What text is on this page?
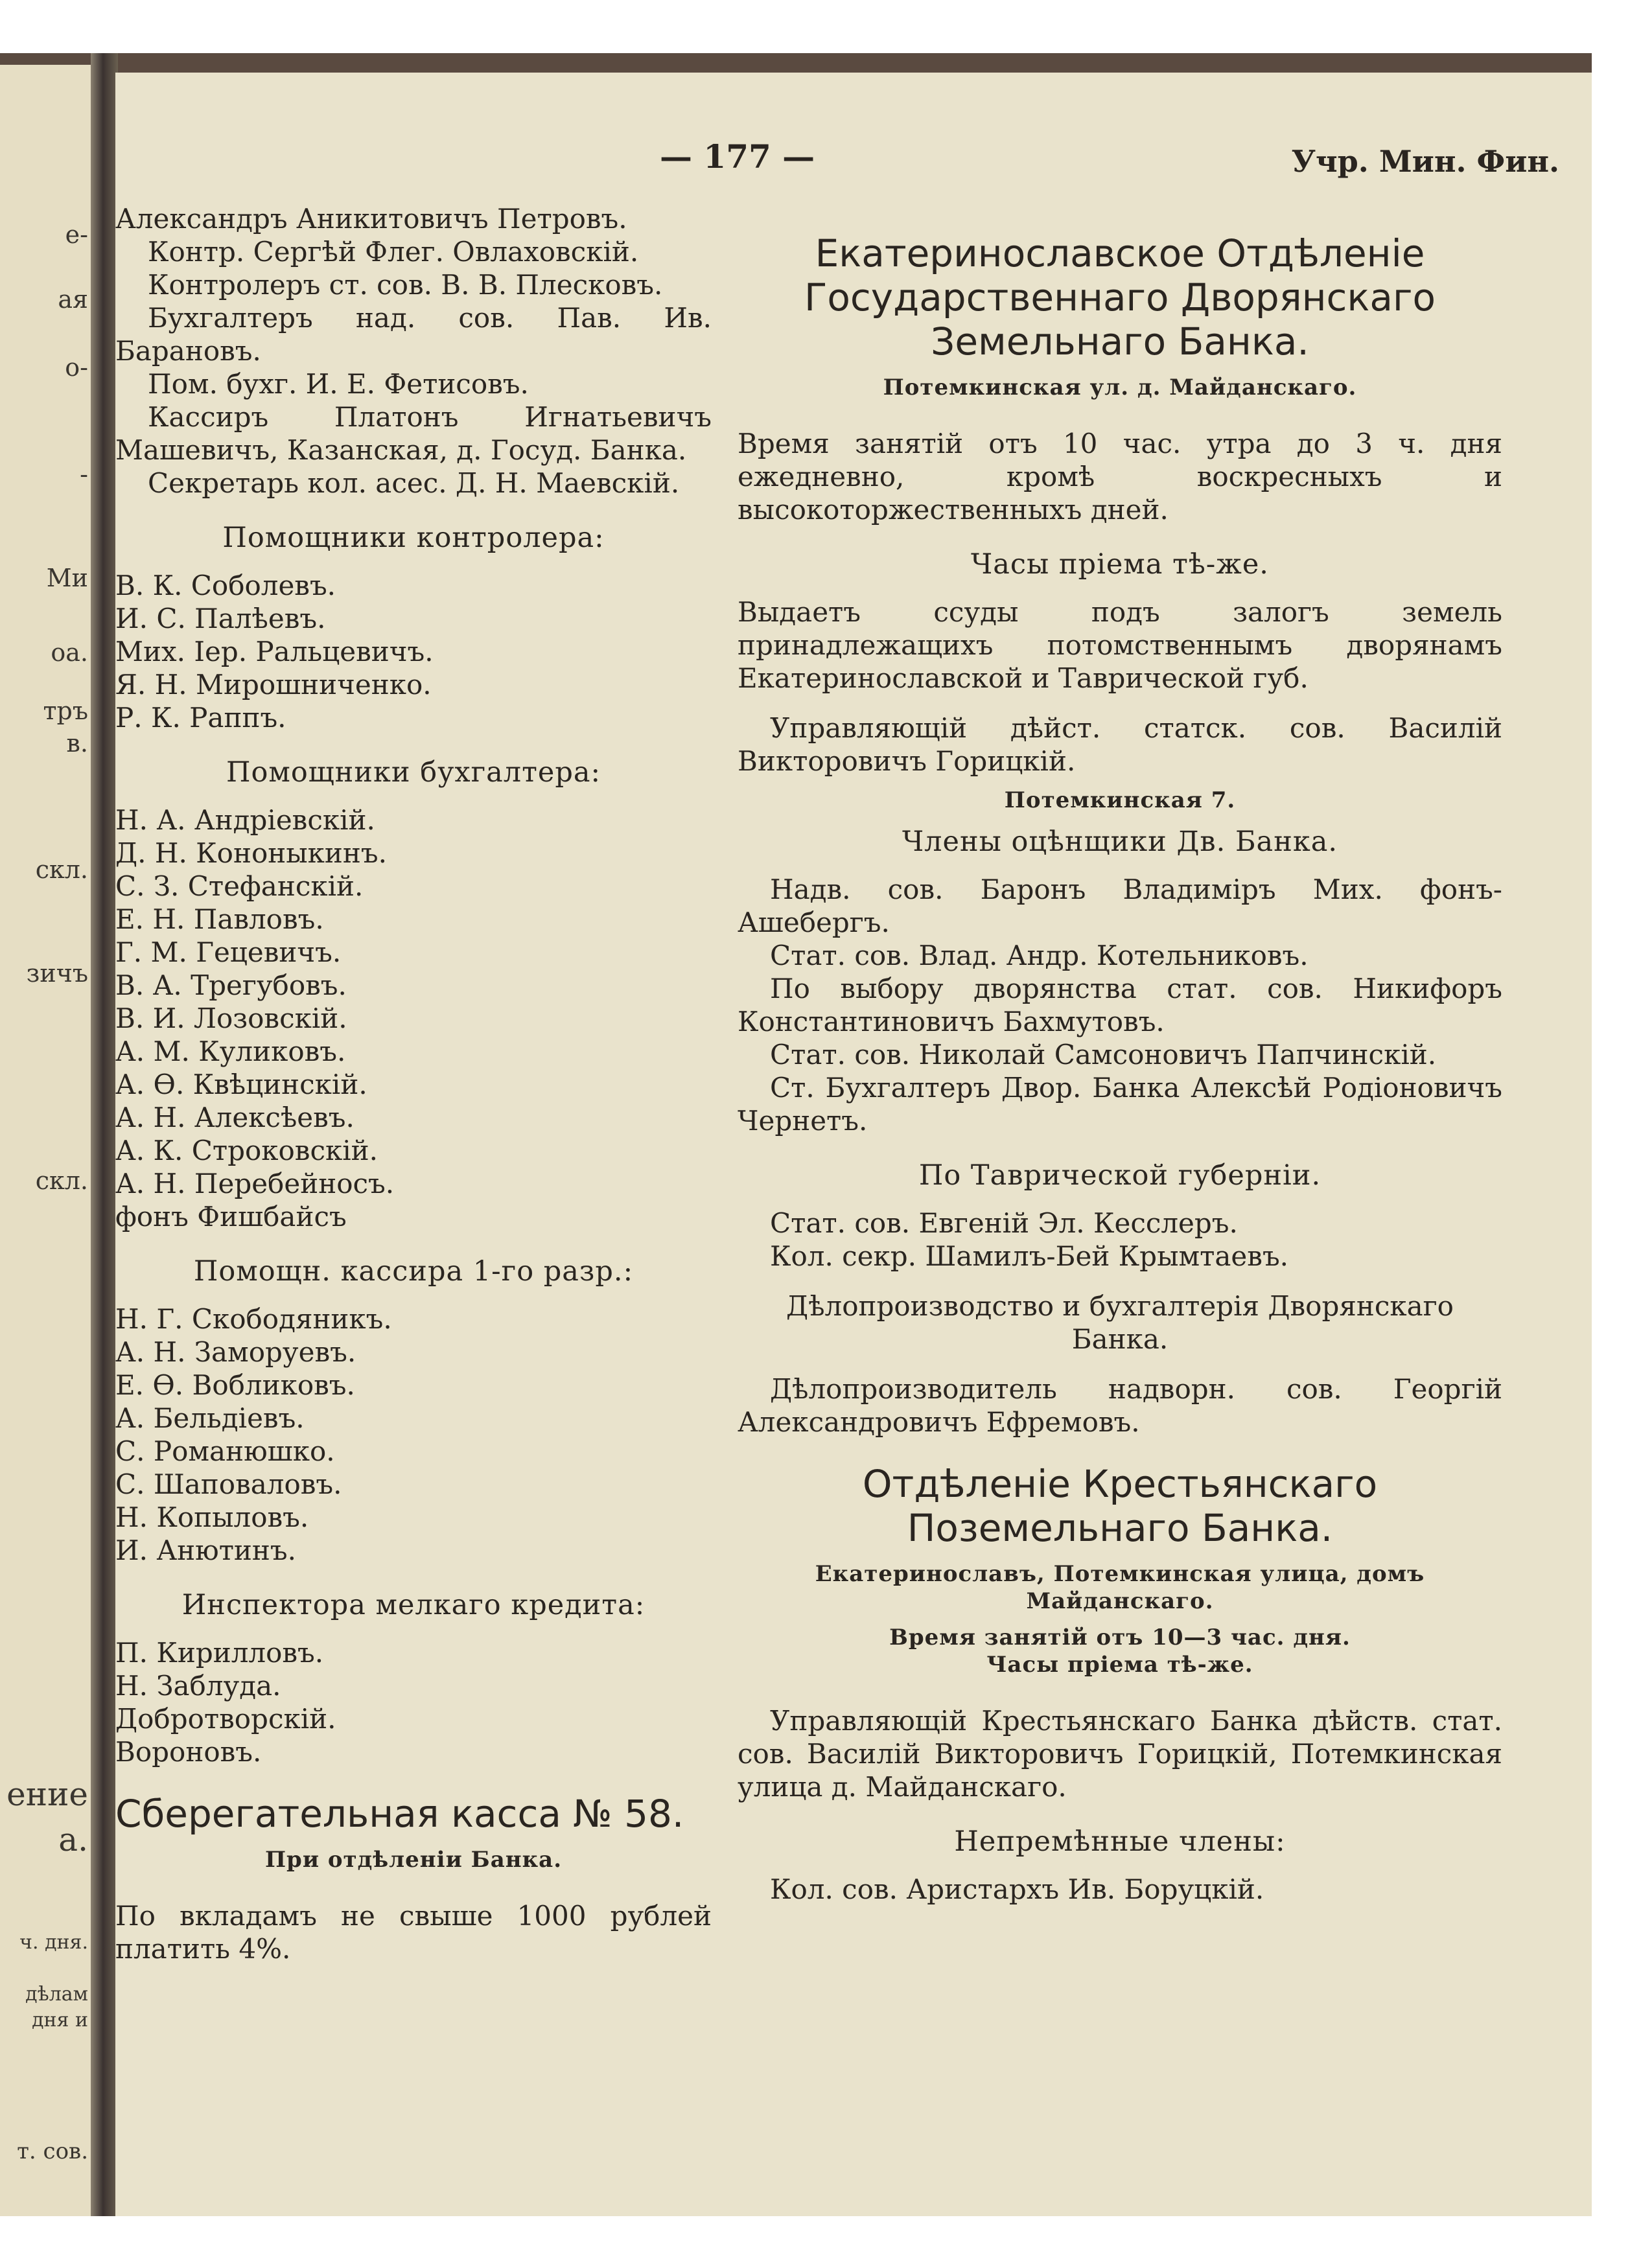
е-
ая
о-
-
Ми
оа.
тръ
в.
скл.
зичъ
скл.
ение
а.
ч. дня.
дѣлам
дня и
т. сов.
— 177 —	Учр. Мин. Фин.

Александръ Аникитовичъ Петровъ.

Контр. Сергѣй Флег. Овлаховскій.

Контролеръ ст. сов. В. В. Плесковъ.

Бухгалтеръ над. сов. Пав. Ив. Барановъ.

Пом. бухг. И. Е. Фетисовъ.

Кассиръ Платонъ Игнатьевичъ Машевичъ, Казанская, д. Госуд. Банка.

Секретарь кол. асес. Д. Н. Маевскій.

Помощники контролера:

В. К. Соболевъ.
И. С. Палѣевъ.
Мих. Іер. Ральцевичъ.
Я. Н. Мирошниченко.
Р. К. Раппъ.

Помощники бухгалтера:

Н. А. Андріевскій.
Д. Н. Кононыкинъ.
С. З. Стефанскій.
Е. Н. Павловъ.
Г. М. Гецевичъ.
В. А. Трегубовъ.
В. И. Лозовскій.
А. М. Куликовъ.
А. Ѳ. Квѣцинскій.
А. Н. Алексѣевъ.
А. К. Строковскій.
А. Н. Перебейносъ.
фонъ Фишбайсъ

Помощн. кассира 1-го разр.:

Н. Г. Скободяникъ.
А. Н. Заморуевъ.
Е. Ѳ. Вобликовъ.
А. Бельдіевъ.
С. Романюшко.
С. Шаповаловъ.
Н. Копыловъ.
И. Анютинъ.

Инспектора мелкаго кредита:

П. Кирилловъ.
Н. Заблуда.
Добротворскій.
Вороновъ.

Сберегательная касса № 58.

При отдѣленіи Банка.

По вкладамъ не свыше 1000 рублей платить 4%.

Екатеринославское Отдѣленіе Государственнаго Дворянскаго Земельнаго Банка.

Потемкинская ул. д. Майданскаго.

Время занятій отъ 10 час. утра до 3 ч. дня ежедневно, кромѣ воскресныхъ и высокоторжественныхъ дней.

Часы пріема тѣ-же.

Выдаетъ ссуды подъ залогъ земель принадлежащихъ потомственнымъ дворянамъ Екатеринославской и Таврической губ.

Управляющій дѣйст. статск. сов. Василій Викторовичъ Горицкій.

Потемкинская 7.

Члены оцѣнщики Дв. Банка.

Надв. сов. Баронъ Владиміръ Мих. фонъ-Ашебергъ.

Стат. сов. Влад. Андр. Котельниковъ.

По выбору дворянства стат. сов. Никифоръ Константиновичъ Бахмутовъ.

Стат. сов. Николай Самсоновичъ Папчинскій.

Ст. Бухгалтеръ Двор. Банка Алексѣй Родіоновичъ Чернетъ.

По Таврической губерніи.

Стат. сов. Евгеній Эл. Кесслеръ.

Кол. секр. Шамилъ-Бей Крымтаевъ.

Дѣлопроизводство и бухгалтерія Дворянскаго Банка.

Дѣлопроизводитель надворн. сов. Георгій Александровичъ Ефремовъ.

Отдѣленіе Крестьянскаго Поземельнаго Банка.

Екатеринославъ, Потемкинская улица, домъ Майданскаго.

Время занятій отъ 10—3 час. дня.

Часы пріема тѣ-же.

Управляющій Крестьянскаго Банка дѣйств. стат. сов. Василій Викторовичъ Горицкій, Потемкинская улица д. Майданскаго.

Непремѣнные члены:

Кол. сов. Аристархъ Ив. Боруцкій.
